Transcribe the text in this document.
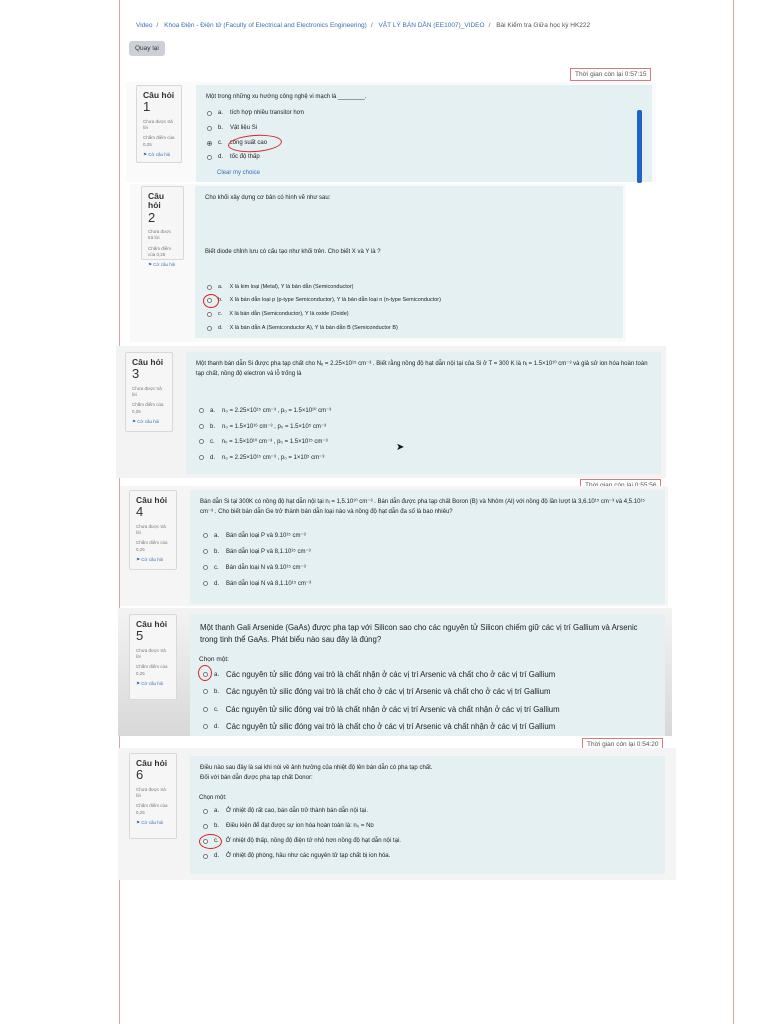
Video / Khoa Điện - Điện tử (Faculty of Electrical and Electronics Engineering) / VẬT LÝ BÁN DẪN (EE1007)_VIDEO / Bài Kiểm tra Giữa học kỳ HK222
Quay lại
Thời gian còn lại 0:57:15
Câu hỏi
1
Chưa được trả lời
Chấm điểm của 0,25
⚑ Cờ câu hỏi
Một trong những xu hướng công nghệ vi mạch là ________.
a. tích hợp nhiều transitor hơn
b. Vật liệu Si
c. công suất cao
d. tốc độ thấp
Clear my choice
Câu hỏi
2
Chưa được trả lời
Chấm điểm của 0,25
⚑ Cờ câu hỏi
Cho khối xây dựng cơ bản có hình vẽ như sau:
Biết diode chỉnh lưu có cấu tạo như khối trên. Cho biết X và Y là ?
a. X là kim loại (Metal), Y là bán dẫn (Semiconductor)
b. X là bán dẫn loại p (p-type Semiconductor), Y là bán dẫn loại n (n-type Semiconductor)
c. X là bán dẫn (Semiconductor), Y là oxide (Oxide)
d. X là bán dẫn A (Semiconductor A), Y là bán dẫn B (Semiconductor B)
Câu hỏi
3
Chưa được trả lời
Chấm điểm của 0,25
⚑ Cờ câu hỏi
Một thanh bán dẫn Si được pha tạp chất cho Nₑ = 2.25×10¹⁵ cm⁻³ . Biết rằng nồng độ hạt dẫn nội tại của Si ở T = 300 K là nᵢ = 1.5×10¹⁰ cm⁻³ và giả sử ion hóa hoàn toàn tạp chất, nồng độ electron và lỗ trống là
a. n₀ = 2.25×10¹⁵ cm⁻³ , p₀ = 1.5×10¹⁰ cm⁻³
b. n₀ = 1.5×10¹⁶ cm⁻³ , p₀ = 1.5×10⁵ cm⁻³
c. n₀ = 1.5×10¹⁰ cm⁻³ , p₀ = 1.5×10¹⁵ cm⁻³
d. n₀ = 2.25×10¹⁵ cm⁻³ , p₀ = 1×10⁵ cm⁻³
➤
Câu hỏi
4
Chưa được trả lời
Chấm điểm của 0,25
⚑ Cờ câu hỏi
Bán dẫn Si tại 300K có nồng độ hạt dẫn nội tại nᵢ = 1,5.10¹⁰ cm⁻³ . Bán dẫn được pha tạp chất Boron (B) và Nhôm (Al) với nồng độ lần lượt là 3,6.10¹⁵ cm⁻³ và 4,5.10¹⁵ cm⁻³ . Cho biết bán dẫn Ge trở thành bán dẫn loại nào và nồng độ hạt dẫn đa số là bao nhiêu?
a. Bán dẫn loại P và 9.10¹⁵ cm⁻³
b. Bán dẫn loại P và 8,1.10¹⁵ cm⁻³
c. Bán dẫn loại N và 9.10¹⁵ cm⁻³
d. Bán dẫn loại N và 8,1.10¹⁵ cm⁻³
Câu hỏi
5
Chưa được trả lời
Chấm điểm của 0,25
⚑ Cờ câu hỏi
Một thanh Gali Arsenide (GaAs) được pha tạp với Silicon sao cho các nguyên tử Silicon chiếm giữ các vị trí Gallium và Arsenic trong tinh thể GaAs. Phát biểu nào sau đây là đúng?
Chọn một:
a. Các nguyên tử silic đóng vai trò là chất nhận ở các vị trí Arsenic và chất cho ở các vị trí Gallium
b. Các nguyên tử silic đóng vai trò là chất cho ở các vị trí Arsenic và chất cho ở các vị trí Gallium
c. Các nguyên tử silic đóng vai trò là chất nhận ở các vị trí Arsenic và chất nhận ở các vị trí Gallium
d. Các nguyên tử silic đóng vai trò là chất cho ở các vị trí Arsenic và chất nhận ở các vị trí Gallium
Thời gian còn lại 0:54:20
Câu hỏi
6
Chưa được trả lời
Chấm điểm của 0,25
⚑ Cờ câu hỏi
Điều nào sau đây là sai khi nói về ảnh hưởng của nhiệt độ lên bán dẫn có pha tạp chất.
Đối với bán dẫn được pha tạp chất Donor:
Chọn một:
a. Ở nhiệt độ rất cao, bán dẫn trở thành bán dẫn nội tại.
b. Điều kiện để đạt được sự ion hóa hoàn toàn là: n₀ = Nᴅ
c. Ở nhiệt độ thấp, nồng độ điện tử nhỏ hơn nồng độ hạt dẫn nội tại.
d. Ở nhiệt độ phòng, hầu như các nguyên tử tạp chất bị ion hóa.
